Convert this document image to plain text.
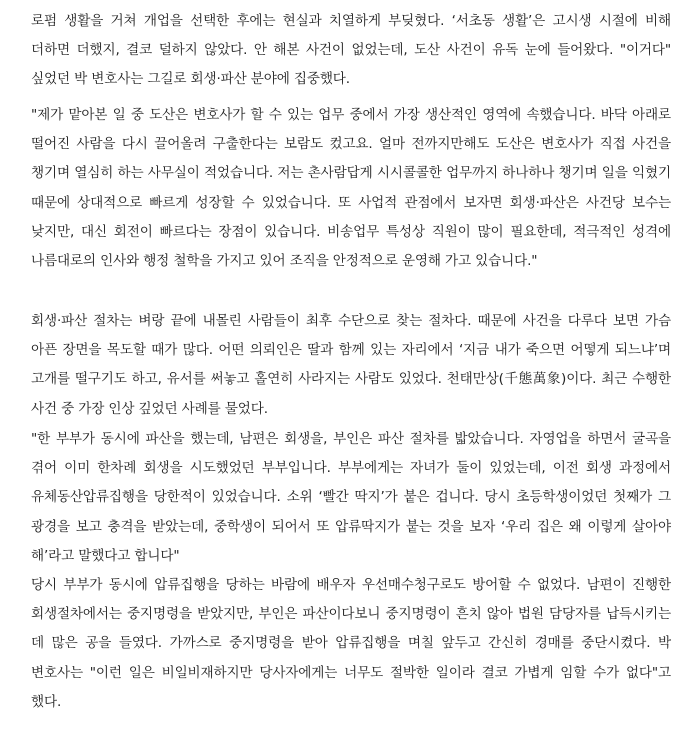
로펌 생활을 거쳐 개업을 선택한 후에는 현실과 치열하게 부딪혔다. ‘서초동 생활’은 고시생 시절에 비해 더하면 더했지, 결코 덜하지 않았다. 안 해본 사건이 없었는데, 도산 사건이 유독 눈에 들어왔다. "이거다" 싶었던 박 변호사는 그길로 회생·파산 분야에 집중했다.

"제가 맡아본 일 중 도산은 변호사가 할 수 있는 업무 중에서 가장 생산적인 영역에 속했습니다. 바닥 아래로 떨어진 사람을 다시 끌어올려 구출한다는 보람도 컸고요. 얼마 전까지만해도 도산은 변호사가 직접 사건을 챙기며 열심히 하는 사무실이 적었습니다. 저는 촌사람답게 시시콜콜한 업무까지 하나하나 챙기며 일을 익혔기 때문에 상대적으로 빠르게 성장할 수 있었습니다. 또 사업적 관점에서 보자면 회생·파산은 사건당 보수는 낮지만, 대신 회전이 빠르다는 장점이 있습니다. 비송업무 특성상 직원이 많이 필요한데, 적극적인 성격에 나름대로의 인사와 행정 철학을 가지고 있어 조직을 안정적으로 운영해 가고 있습니다."

회생·파산 절차는 벼랑 끝에 내몰린 사람들이 최후 수단으로 찾는 절차다. 때문에 사건을 다루다 보면 가슴 아픈 장면을 목도할 때가 많다. 어떤 의뢰인은 딸과 함께 있는 자리에서 ‘지금 내가 죽으면 어떻게 되느냐’며 고개를 떨구기도 하고, 유서를 써놓고 홀연히 사라지는 사람도 있었다. 천태만상(千態萬象)이다. 최근 수행한 사건 중 가장 인상 깊었던 사례를 물었다.

"한 부부가 동시에 파산을 했는데, 남편은 회생을, 부인은 파산 절차를 밟았습니다. 자영업을 하면서 굴곡을 겪어 이미 한차례 회생을 시도했었던 부부입니다. 부부에게는 자녀가 둘이 있었는데, 이전 회생 과정에서 유체동산압류집행을 당한적이 있었습니다. 소위 ‘빨간 딱지’가 붙은 겁니다. 당시 초등학생이었던 첫째가 그 광경을 보고 충격을 받았는데, 중학생이 되어서 또 압류딱지가 붙는 것을 보자 ‘우리 집은 왜 이렇게 살아야 해’라고 말했다고 합니다"

당시 부부가 동시에 압류집행을 당하는 바람에 배우자 우선매수청구로도 방어할 수 없었다. 남편이 진행한 회생절차에서는 중지명령을 받았지만, 부인은 파산이다보니 중지명령이 흔치 않아 법원 담당자를 납득시키는 데 많은 공을 들였다. 가까스로 중지명령을 받아 압류집행을 며칠 앞두고 간신히 경매를 중단시켰다. 박 변호사는 "이런 일은 비일비재하지만 당사자에게는 너무도 절박한 일이라 결코 가볍게 임할 수가 없다"고 했다.
